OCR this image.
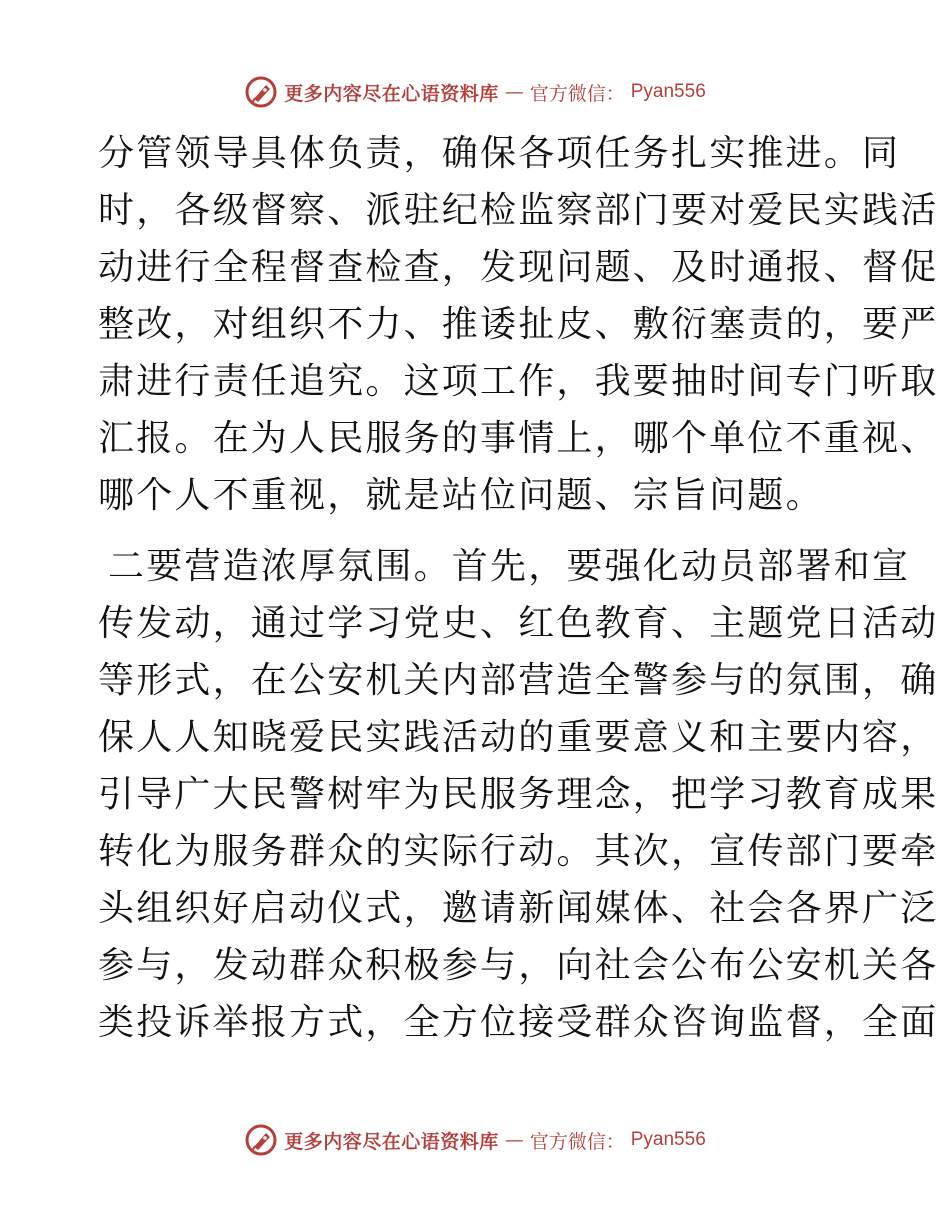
更多内容尽在心语资料库 — 官方微信： Pyan556
分管领导具体负责，确保各项任务扎实推进。同
时，各级督察、派驻纪检监察部门要对爱民实践活
动进行全程督查检查，发现问题、及时通报、督促
整改，对组织不力、推诿扯皮、敷衍塞责的，要严
肃进行责任追究。这项工作，我要抽时间专门听取
汇报。在为人民服务的事情上，哪个单位不重视、
哪个人不重视，就是站位问题、宗旨问题。
二要营造浓厚氛围。首先，要强化动员部署和宣
传发动，通过学习党史、红色教育、主题党日活动
等形式，在公安机关内部营造全警参与的氛围，确
保人人知晓爱民实践活动的重要意义和主要内容，
引导广大民警树牢为民服务理念，把学习教育成果
转化为服务群众的实际行动。其次，宣传部门要牵
头组织好启动仪式，邀请新闻媒体、社会各界广泛
参与，发动群众积极参与，向社会公布公安机关各
类投诉举报方式，全方位接受群众咨询监督，全面
更多内容尽在心语资料库 — 官方微信： Pyan556
